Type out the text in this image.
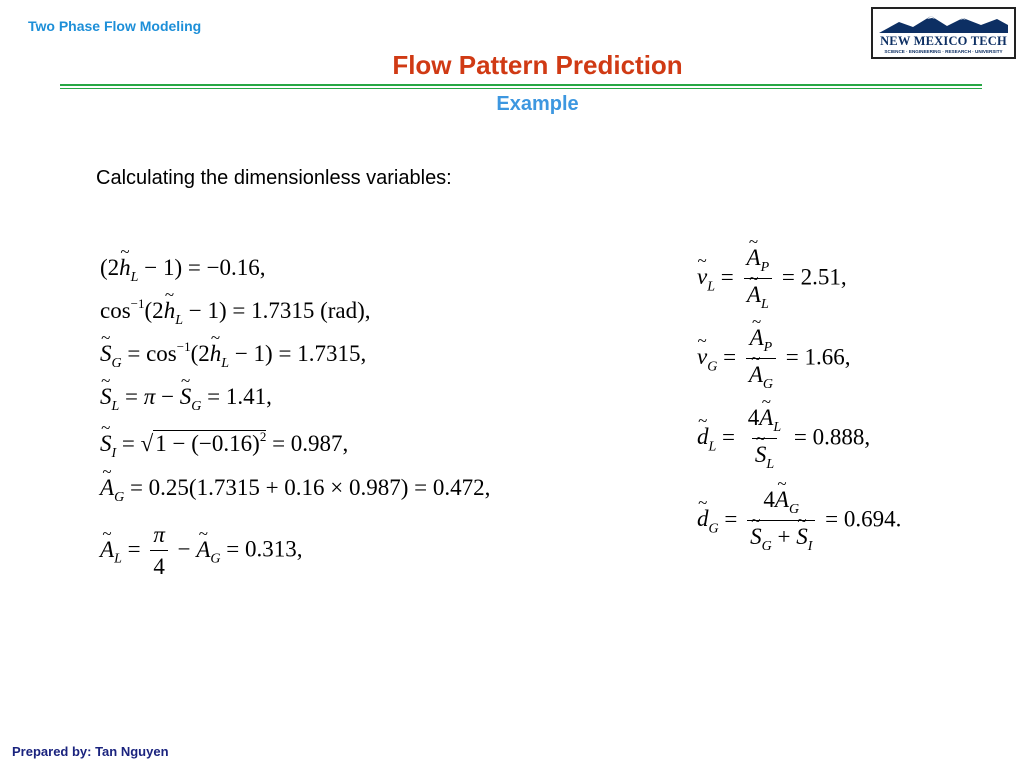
Two Phase Flow Modeling
NEW MEXICO TECH
SCIENCE · ENGINEERING · RESEARCH · UNIVERSITY
Flow Pattern Prediction
Example
Calculating the dimensionless variables:
(2~ $h_L - 1) = -0.16$,
$\cos^{-1}(2\sim$ $h_L - 1) = 1.7315$ (rad),
~ $S_G$ = $\cos^{-1}(2\sim$ $h_L - 1) = 1.7315$,
~ $S_L = \pi$ − ~ $S_G = 1.41$,
~ $S_I = √1 - (-0.16)^2 = 0.987$,
~ $A_G = 0.25(1.7315 + 0.16 \times 0.987) = 0.472$,
~ $A_L = \frac{\pi}{4}$ − ~ $A_G = 0.313$,
~ $\nu_L$ = ~ $A_P$
~ $A_L = 2.51$,
~ $\nu_G$ = ~ $A_P$
~ $A_G = 1.66$,
~ $d_L$ = 4~ $A_L$
~ $S_L = 0.888$,
~ $d_G$ = 4~ $A_G$
~ $S_G$ + ~ $S_I = 0.694$.
Prepared by: Tan Nguyen
